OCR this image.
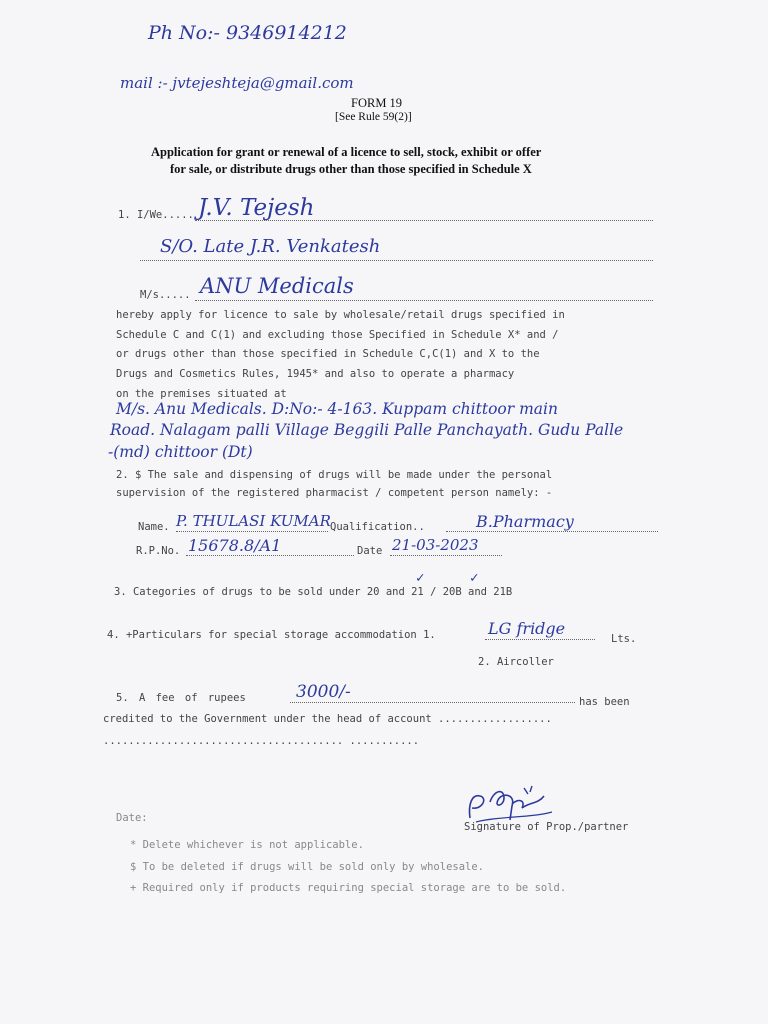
Ph No:- 9346914212
mail :- jvtejeshteja@gmail.com
FORM 19
[See Rule 59(2)]
Application for grant or renewal of a licence to sell, stock, exhibit or offer
for sale, or distribute drugs other than those specified in Schedule X
1. I/We..... J.V. Tejesh
S/O. Late J.R. Venkatesh
M/s..... ANU Medicals
hereby apply for licence to sale by wholesale/retail drugs specified in
Schedule C and C(1) and excluding those Specified in Schedule X* and /
or drugs other than those specified in Schedule C,C(1) and X to the
Drugs and Cosmetics Rules, 1945* and also to operate a pharmacy
on the premises situated at
M/s. Anu Medicals. D:No:- 4-163. Kuppam chittoor main
Road. Nalagam palli Village Beggili Palle Panchayath. Gudu Palle
-(md) chittoor (Dt)
2. $ The sale and dispensing of drugs will be made under the personal
supervision of the registered pharmacist / competent person namely: -
Name. P. THULASI KUMAR Qualification..	B.Pharmacy
R.P.No. 15678.8/A1	Date 21-03-2023
✓	✓
3. Categories of drugs to be sold under 20 and 21 / 20B and 21B
4. +Particulars for special storage accommodation 1.	LG fridge
Lts.
2. Aircoller
5. A fee of rupees	3000/-	has been
credited to the Government under the head of account ..................
...................................... ...........
Date:
Signature of Prop./partner
* Delete whichever is not applicable.
$ To be deleted if drugs will be sold only by wholesale.
+ Required only if products requiring special storage are to be sold.
